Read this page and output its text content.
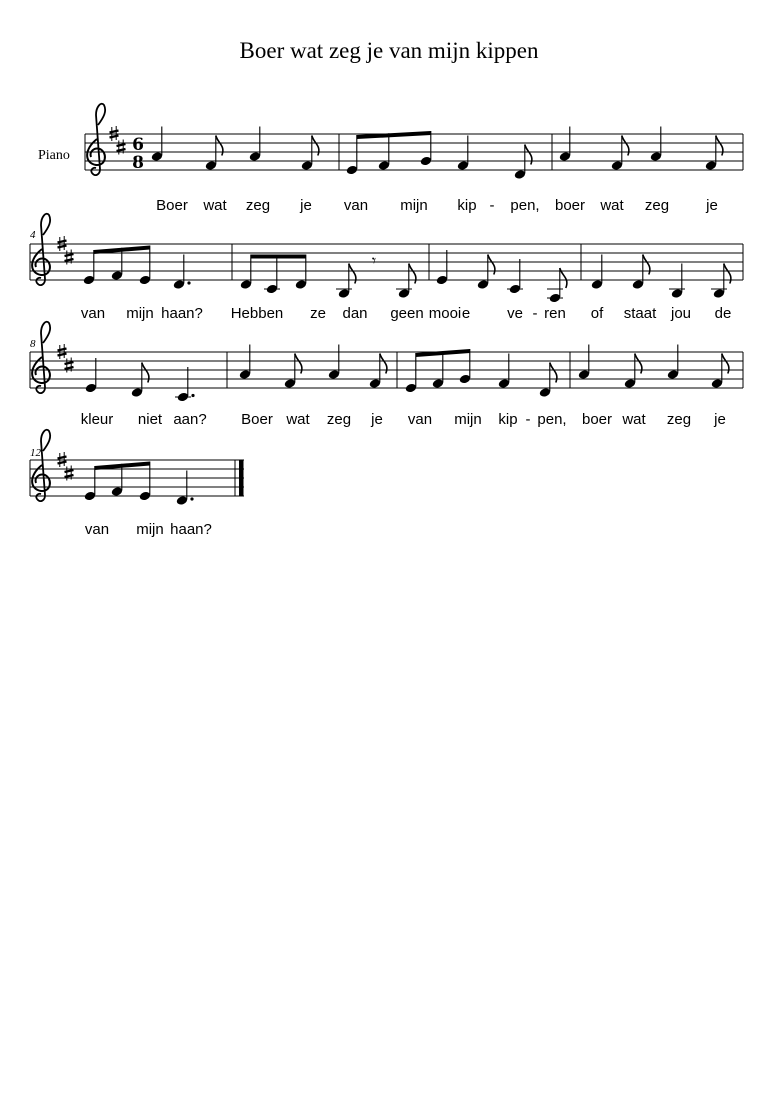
Boer wat zeg je van mijn kippen
Piano
6
8
Boer wat zeg je van mijn kip - pen, boer wat zeg je
4
𝄾
van mijn haan? Hebben ze dan geen mooi e ve - ren of staat jou de
8
kleur niet aan? Boer wat zeg je van mijn kip - pen, boer wat zeg je
12
van mijn haan?
